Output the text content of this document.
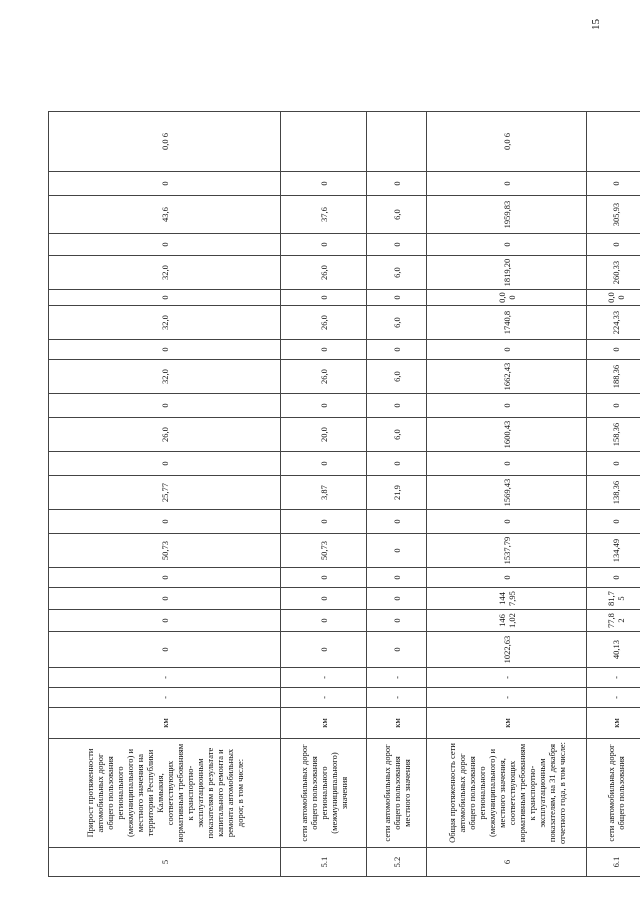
15
5	Прирост протяженности автомобильных дорог общего пользования регионального (межмуниципального) и местного значения на территории Республики Калмыкия, соответствующих нормативным требованиям к транспортно-эксплуатационным показателям в результате капитального ремонта и ремонта автомобильных дорог, в том числе:	км	-	-	0	0	0	0	50,73	0	25,77	0	26,0	0	32,0	0	32,0	0	32,0	0	43,6	0	0,0 6
5.1	сети автомобильных дорог общего пользования регионального (межмуниципального) значения	км	-	-	0	0	0	0	50,73	0	3,87	0	20,0	0	26,0	0	26,0	0	26,0	0	37,6	0	
5.2	сети автомобильных дорог общего пользования местного значения	км	-	-	0	0	0	0	0	0	21,9	0	6,0	0	6,0	0	6,0	0	6,0	0	6,0	0	
6	Общая протяженность сети автомобильных дорог общего пользования регионального (межмуниципального) и местного значения, соответствующих нормативным требованиям к транспортно-эксплуатационным показателям, на 31 декабря отчетного года, в том числе:	км	-	-	1022,63	1461,02	1447,95	0	1537,79	0	1569,43	0	1600,43	0	1662,43	0	1740,8	0,00	1819,20	0	1959,83	0	0,0 6
6.1	сети автомобильных дорог общего пользования	км	-	-	40,13	77,82	81,75	0	134,49	0	138,36	0	158,36	0	188,36	0	224,33	0,00	260,33	0	305,93	0	
